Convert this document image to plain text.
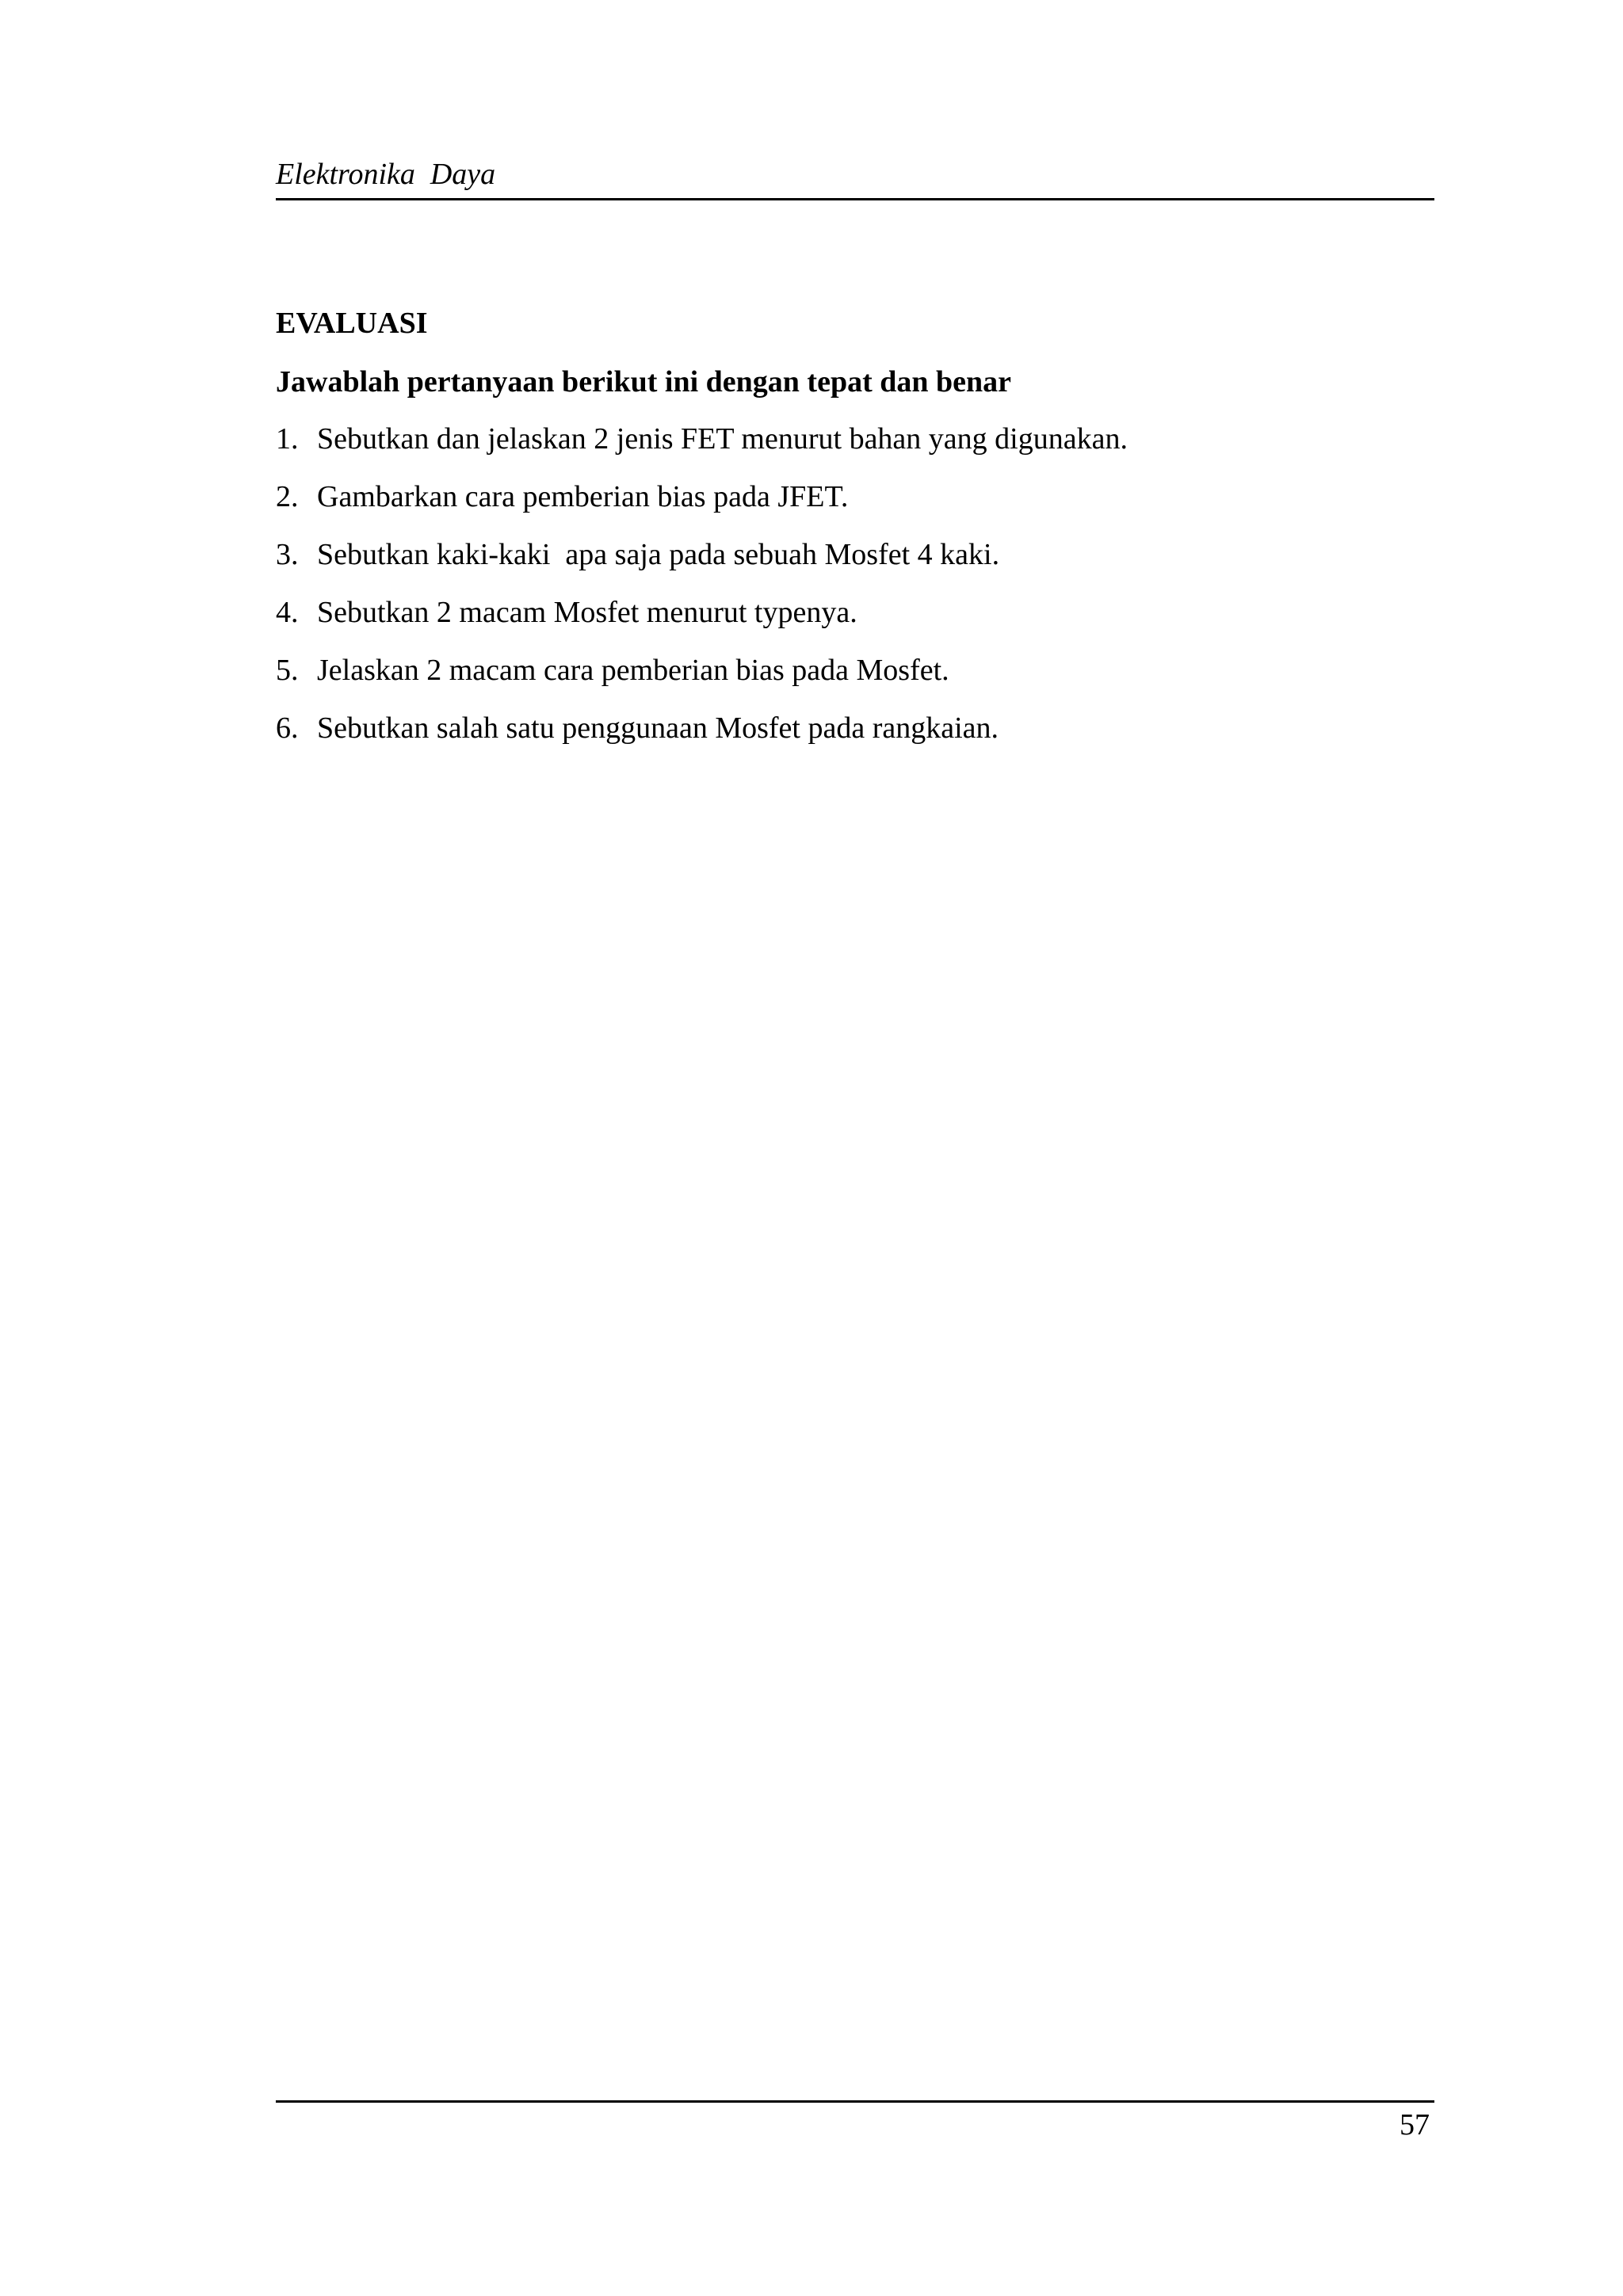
Elektronika  Daya
EVALUASI

Jawablah pertanyaan berikut ini dengan tepat dan benar

1. Sebutkan dan jelaskan 2 jenis FET menurut bahan yang digunakan.
2. Gambarkan cara pemberian bias pada JFET.
3. Sebutkan kaki-kaki  apa saja pada sebuah Mosfet 4 kaki.
4. Sebutkan 2 macam Mosfet menurut typenya.
5. Jelaskan 2 macam cara pemberian bias pada Mosfet.
6. Sebutkan salah satu penggunaan Mosfet pada rangkaian.
57
